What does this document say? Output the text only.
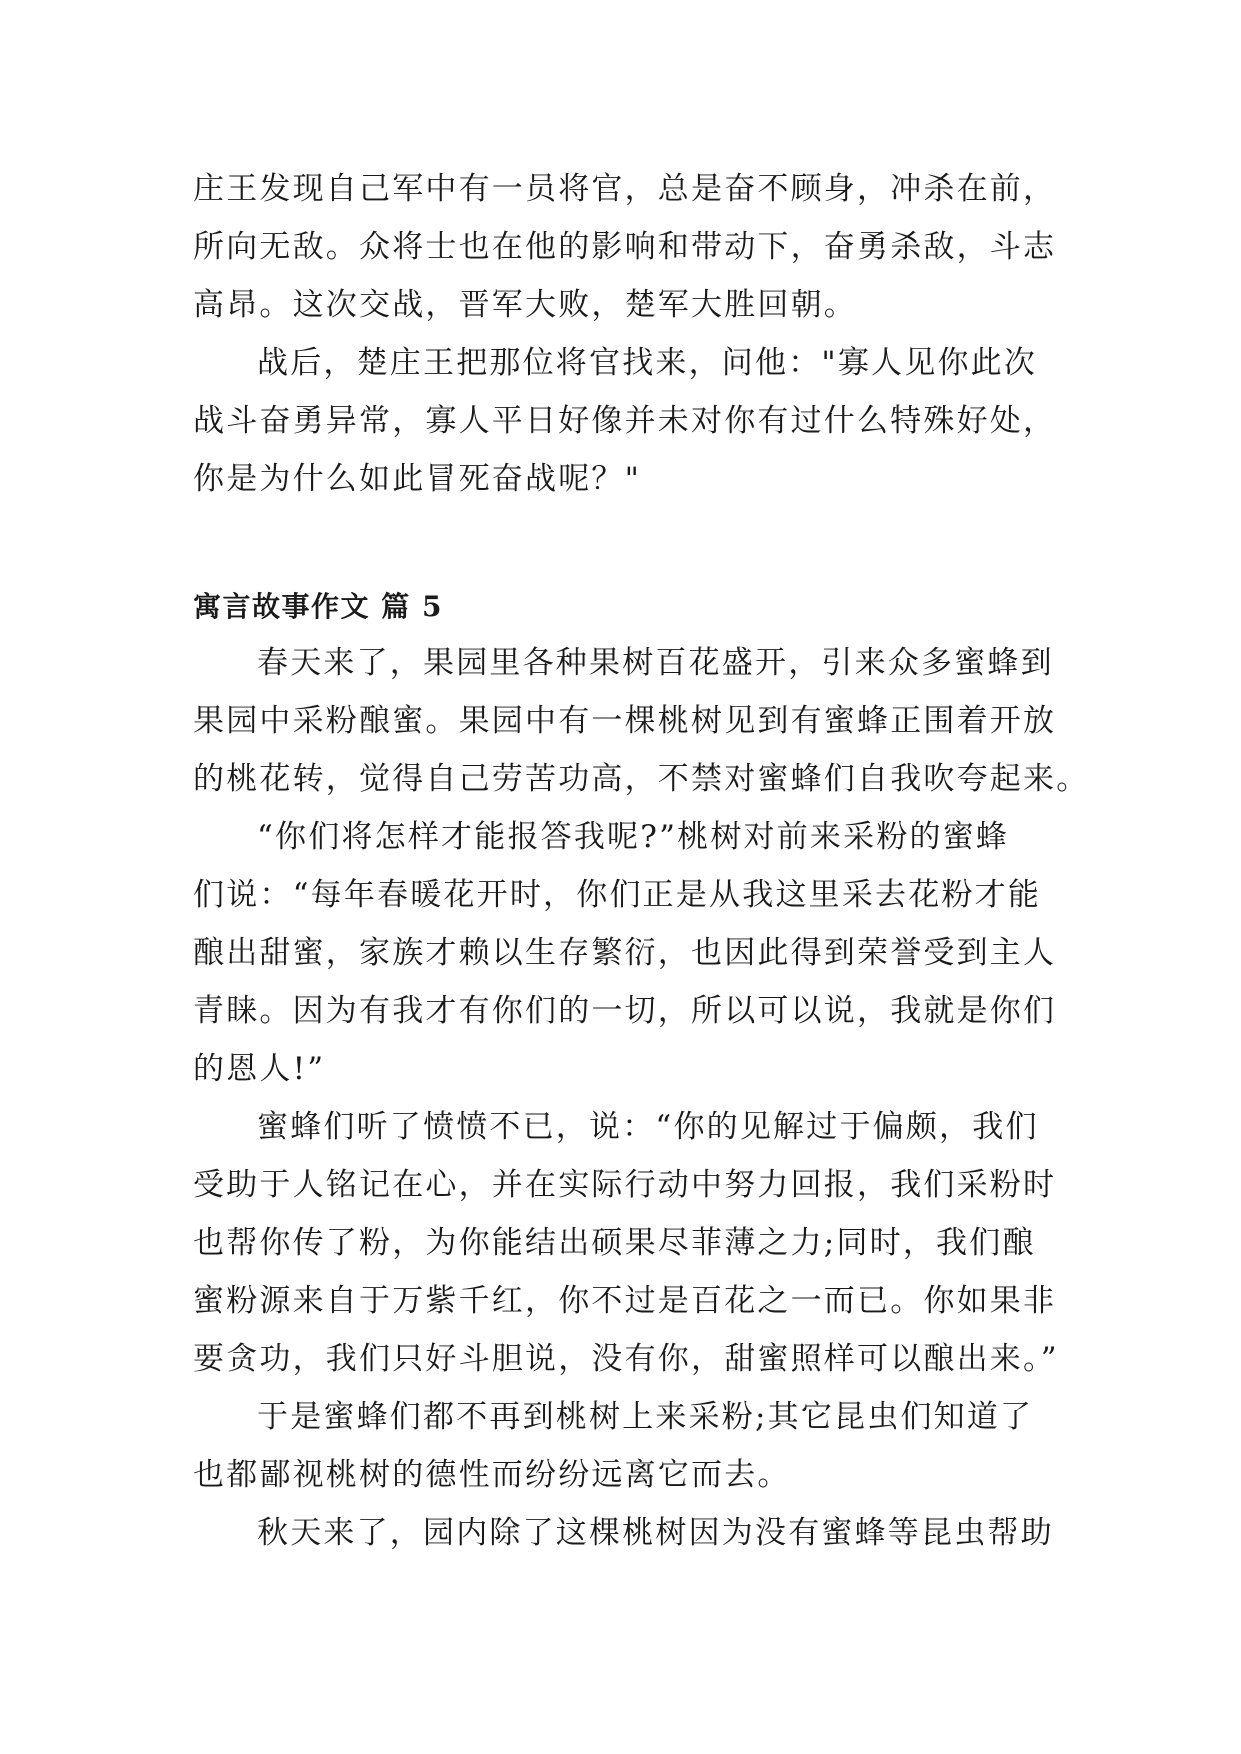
庄王发现自己军中有一员将官，总是奋不顾身，冲杀在前，
所向无敌。众将士也在他的影响和带动下，奋勇杀敌，斗志
高昂。这次交战，晋军大败，楚军大胜回朝。

战后，楚庄王把那位将官找来，问他："寡人见你此次
战斗奋勇异常，寡人平日好像并未对你有过什么特殊好处，
你是为什么如此冒死奋战呢？"

寓言故事作文 篇 5

春天来了，果园里各种果树百花盛开，引来众多蜜蜂到
果园中采粉酿蜜。果园中有一棵桃树见到有蜜蜂正围着开放
的桃花转，觉得自己劳苦功高，不禁对蜜蜂们自我吹夸起来。

“你们将怎样才能报答我呢?”桃树对前来采粉的蜜蜂
们说：“每年春暖花开时，你们正是从我这里采去花粉才能
酿出甜蜜，家族才赖以生存繁衍，也因此得到荣誉受到主人
青睐。因为有我才有你们的一切，所以可以说，我就是你们
的恩人!”

蜜蜂们听了愤愤不已，说：“你的见解过于偏颇，我们
受助于人铭记在心，并在实际行动中努力回报，我们采粉时
也帮你传了粉，为你能结出硕果尽菲薄之力;同时，我们酿
蜜粉源来自于万紫千红，你不过是百花之一而已。你如果非
要贪功，我们只好斗胆说，没有你，甜蜜照样可以酿出来。”

于是蜜蜂们都不再到桃树上来采粉;其它昆虫们知道了
也都鄙视桃树的德性而纷纷远离它而去。

秋天来了，园内除了这棵桃树因为没有蜜蜂等昆虫帮助
